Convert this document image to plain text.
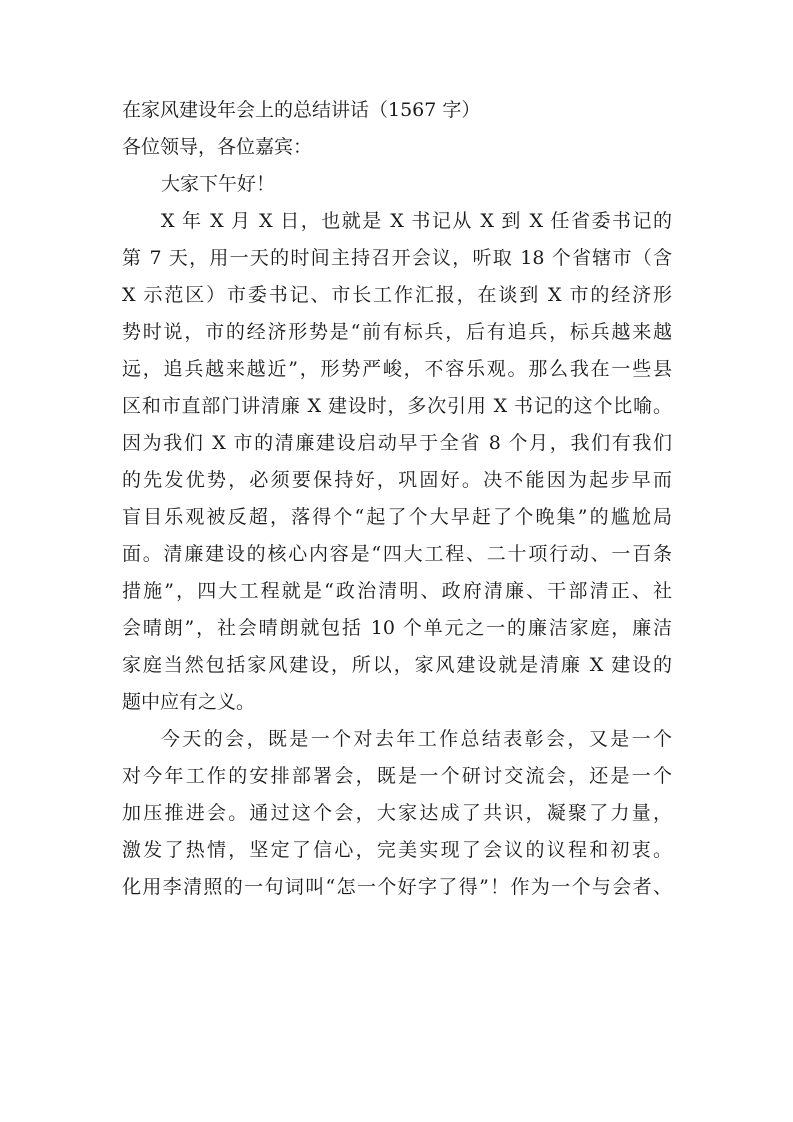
在家风建设年会上的总结讲话（1567 字）

各位领导，各位嘉宾：

大家下午好！

X 年 X 月 X 日，也就是 X 书记从 X 到 X 任省委书记的
第 7 天，用一天的时间主持召开会议，听取 18 个省辖市（含
X 示范区）市委书记、市长工作汇报，在谈到 X 市的经济形
势时说，市的经济形势是“前有标兵，后有追兵，标兵越来越
远，追兵越来越近”，形势严峻，不容乐观。那么我在一些县
区和市直部门讲清廉 X 建设时，多次引用 X 书记的这个比喻。
因为我们 X 市的清廉建设启动早于全省 8 个月，我们有我们
的先发优势，必须要保持好，巩固好。决不能因为起步早而
盲目乐观被反超，落得个“起了个大早赶了个晚集”的尴尬局
面。清廉建设的核心内容是“四大工程、二十项行动、一百条
措施”，四大工程就是“政治清明、政府清廉、干部清正、社
会晴朗”，社会晴朗就包括 10 个单元之一的廉洁家庭，廉洁
家庭当然包括家风建设，所以，家风建设就是清廉 X 建设的
题中应有之义。

今天的会，既是一个对去年工作总结表彰会，又是一个
对今年工作的安排部署会，既是一个研讨交流会，还是一个
加压推进会。通过这个会，大家达成了共识，凝聚了力量，
激发了热情，坚定了信心，完美实现了会议的议程和初衷。
化用李清照的一句词叫“怎一个好字了得”！作为一个与会者、
